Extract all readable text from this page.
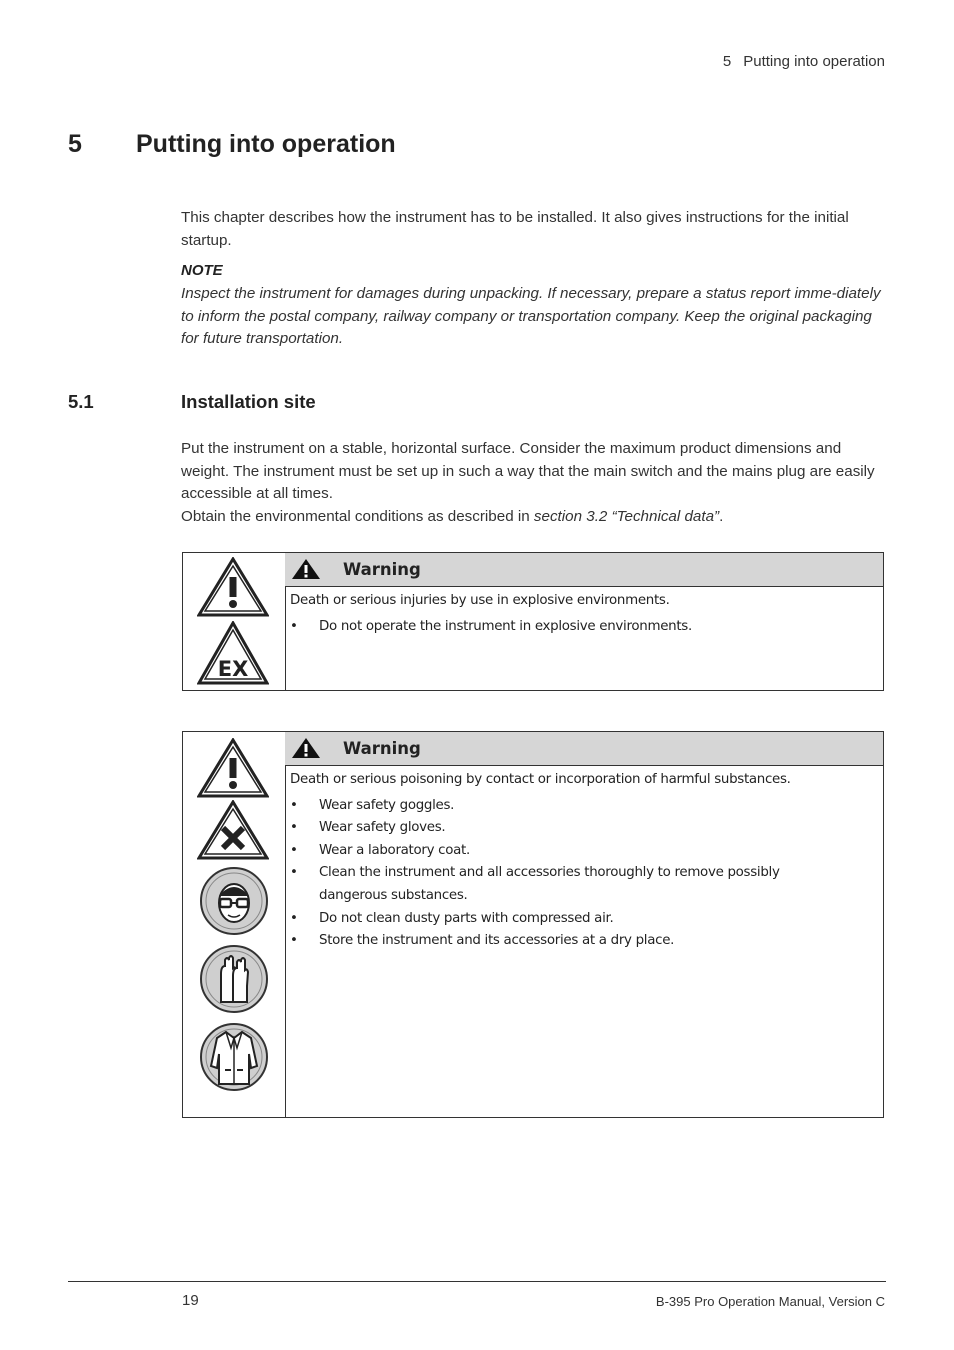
5 Putting into operation
5 Putting into operation
This chapter describes how the instrument has to be installed. It also gives instructions for the initial startup.
NOTE
Inspect the instrument for damages during unpacking. If necessary, prepare a status report imme-diately to inform the postal company, railway company or transportation company. Keep the original packaging for future transportation.
5.1	Installation site
Put the instrument on a stable, horizontal surface. Consider the maximum product dimensions and weight. The instrument must be set up in such a way that the main switch and the mains plug are easily accessible at all times.
Obtain the environmental conditions as described in section 3.2 “Technical data”.
EX
Warning
Death or serious injuries by use in explosive environments.
• Do not operate the instrument in explosive environments.
Warning
Death or serious poisoning by contact or incorporation of harmful substances.
• Wear safety goggles.
• Wear safety gloves.
• Wear a laboratory coat.
• Clean the instrument and all accessories thoroughly to remove possibly dangerous substances.
• Do not clean dusty parts with compressed air.
• Store the instrument and its accessories at a dry place.
19	B-395 Pro Operation Manual, Version C
